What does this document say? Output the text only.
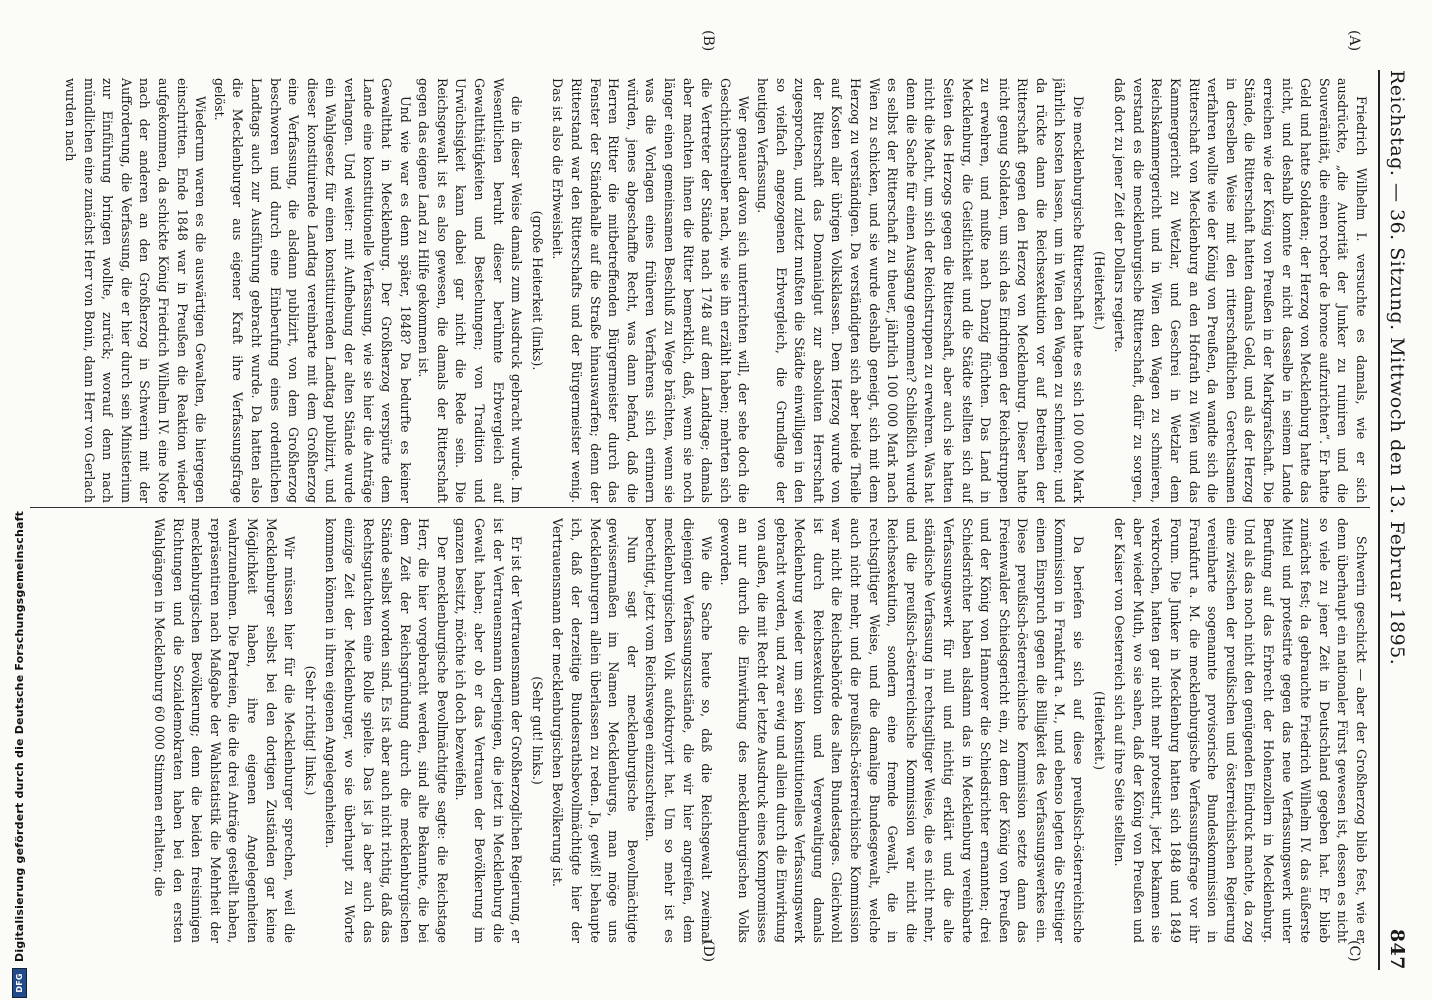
Reichstag. — 36. Sitzung. Mittwoch den 13. Februar 1895.
847
(A)
(B)
(C)
(D)

Friedrich Wilhelm I. versuchte es damals, wie er sich ausdrückte, „die Autorität der Junker zu ruiniren und die Souveränität, die einen rocher de bronce aufzurichten“. Er hatte Geld und hatte Soldaten; der Herzog von Mecklenburg hatte das nicht, und deshalb konnte er nicht dasselbe in seinem Lande erreichen wie der König von Preußen in der Markgrafschaft. Die Stände, die Ritterschaft hatten damals Geld, und als der Herzog in derselben Weise mit den ritterschaftlichen Gerechtsamen verfahren wollte wie der König von Preußen, da wandte sich die Ritterschaft von Mecklenburg an den Hofrath zu Wien und das Kammergericht zu Wetzlar, und Geschrei in Wetzlar dem Reichskammergericht und in Wien den Wagen zu schmieren, verstand es die mecklenburgische Ritterschaft, dafür zu sorgen, daß dort zu jener Zeit der Dollars regierte.

(Heiterkeit.)

Die mecklenburgische Ritterschaft hatte es sich 100 000 Mark jährlich kosten lassen, um in Wien den Wagen zu schmieren; und da rückte dann die Reichsexekution vor auf Betreiben der Ritterschaft gegen den Herzog von Mecklenburg. Dieser hatte nicht genug Soldaten, um sich das Eindringen der Reichstruppen zu erwehren, und mußte nach Danzig flüchten. Das Land in Mecklenburg, die Geistlichkeit und die Städte stellten sich auf Seiten des Herzogs gegen die Ritterschaft, aber auch sie hatten nicht die Macht, um sich der Reichstruppen zu erwehren. Was hat denn die Sache für einen Ausgang genommen? Schließlich wurde es selbst der Ritterschaft zu theuer, jährlich 100 000 Mark nach Wien zu schicken, und sie wurde deshalb geneigt, sich mit dem Herzog zu verständigen. Da verständigten sich aber beide Theile auf Kosten aller übrigen Volksklassen. Dem Herzog wurde von der Ritterschaft das Domanialgut zur absoluten Herrschaft zugesprochen, und zuletzt mußten die Städte einwilligen in den so vielfach angezogenen Erbvergleich, die Grundlage der heutigen Verfassung.

Wer genauer davon sich unterrichten will, der sehe doch die Geschichtschreiber nach, wie sie ihn erzählt haben; mehrten sich die Vertreter der Stände nach 1748 auf dem Landtage; damals aber machten ihnen die Ritter bemerklich, daß, wenn sie noch länger einen gemeinsamen Beschluß zu Wege brächten, wenn sie was die Vorlagen eines früheren Verfahrens sich erinnern würden, jenes abgeschaffte Recht, was dann befand, daß die Herren Ritter die mitbetreffenden Bürgermeister durch das Fenster der Ständehalle auf die Straße hinauswarfen; denn der Ritterstand war den Ritterschafts und der Bürgermeister wenig. Das ist also die Erbweisheit.

(große Heiterkeit (links).

die in dieser Weise damals zum Ausdruck gebracht wurde. Im Wesentlichen beruht dieser berühmte Erbvergleich auf Gewaltthätigkeiten und Bestechungen; von Tradition und Urwüchsigkeit kann dabei gar nicht die Rede sein. Die Reichsgewalt ist es also gewesen, die damals der Ritterschaft gegen das eigene Land zu Hilfe gekommen ist.

Und wie war es denn später, 1848? Da bedurfte es keiner Gewaltthat in Mecklenburg. Der Großherzog verspürte dem Lande eine konstitutionelle Verfassung, wie sie hier die Anträge verlangen. Und weiter: mit Aufhebung der alten Stände wurde ein Wahlgesetz für einen konstituirenden Landtag publizirt, und dieser konstituirende Landtag vereinbarte mit dem Großherzog eine Verfassung, die alsdann publizirt, von dem Großherzog beschworen und durch eine Einberufung eines ordentlichen Landtags auch zur Ausführung gebracht wurde. Da hatten also die Mecklenburger aus eigener Kraft ihre Verfassungsfrage gelöst.

Wiederum waren es die auswärtigen Gewalten, die hiergegen einschritten. Ende 1848 war in Preußen die Reaktion wieder aufgekommen, da schickte König Friedrich Wilhelm IV. eine Note nach der anderen an den Großherzog in Schwerin mit der Aufforderung, die Verfassung, die er hier durch sein Ministerium zur Einführung bringen wollte, zurück; worauf denn nach mündlichen eine zunächst Herr von Bonin, dann Herr von Gerlach wurden nach

Schwerin geschickt — aber der Großherzog blieb fest, wie er denn überhaupt ein nationaler Fürst gewesen ist, dessen es nicht so viele zu jener Zeit in Deutschland gegeben hat. Er blieb zunächst fest; da gebrauchte Friedrich Wilhelm IV. das äußerste Mittel und protestirte gegen das neue Verfassungswerk unter Berufung auf das Erbrecht der Hohenzollern in Mecklenburg. Und als das noch nicht den genügenden Eindruck machte, da zog eine zwischen der preußischen und österreichischen Regierung vereinbarte sogenannte provisorische Bundeskommission in Frankfurt a. M. die mecklenburgische Verfassungsfrage vor ihr Forum. Die Junker in Mecklenburg hatten sich 1848 und 1849 verkrochen, hatten gar nicht mehr protestirt, jetzt bekamen sie aber wieder Muth, wo sie sahen, daß der König von Preußen und der Kaiser von Oesterreich sich auf ihre Seite stellten.

(Heiterkeit.)

Da beriefen sie sich auf diese preußisch-österreichische Kommission in Frankfurt a. M., und ebenso legten die Streitiger einen Einspruch gegen die Billigkeit des Verfassungswerkes ein. Diese preußisch-österreichische Kommission setzte dann das Freienwalder Schiedsgericht ein, zu dem der König von Preußen und der König von Hannover die Schiedsrichter ernannten; drei Schiedsrichter haben alsdann das in Mecklenburg vereinbarte Verfassungswerk für null und nichtig erklärt und die alte ständische Verfassung in rechtsgiltiger Weise, die es nicht mehr, und die preußisch-österreichische Kommission war nicht die Reichsexekution, sondern eine fremde Gewalt, die in rechtsgiltiger Weise, und die damalige Bundesgewalt, welche auch nicht mehr, und die preußisch-österreichische Kommission war nicht die Reichsbehörde des alten Bundestages. Gleichwohl ist durch Reichsexekution und Vergewaltigung damals Mecklenburg wieder um sein konstitutionelles Verfassungswerk gebracht worden, und zwar ewig und allein durch die Einwirkung von außen, die mit Recht der letzte Ausdruck eines Kompromisses an nur durch die Einwirkung des mecklenburgischen Volks geworden.

Wie die Sache heute so, daß die Reichsgewalt zweimal diejenigen Verfassungszustände, die wir hier angreifen, dem mecklenburgischen Volk aufoktroyirt hat. Um so mehr ist es berechtigt, jetzt vom Reichswegen einzuschreiten.

Nun sagt der mecklenburgische Bevollmächtigte gewissermaßen im Namen Mecklenburgs, man möge uns Mecklenburgern allein überlassen zu reden. Ja, gewiß! behaupte ich, daß der derzeitige Bundesrathsbevollmächtigte hier der Vertrauensmann der mecklenburgischen Bevölkerung ist.

(Sehr gut! links.)

Er ist der Vertrauensmann der Großherzoglichen Regierung, er ist der Vertrauensmann derjenigen, die jetzt in Mecklenburg die Gewalt haben; aber ob er das Vertrauen der Bevölkerung im ganzen besitzt, möchte ich doch bezweifeln.

Der mecklenburgische Bevollmächtigte sagte: die Reichstage Herr, die hier vorgebracht werden, sind alte Bekannte, die bei dem Zeit der Reichsgründung durch die mecklenburgischen Stände selbst worden sind. Es ist aber auch nicht richtig, daß das Rechtsgutachten eine Rolle spielte. Das ist ja aber auch das einzige Zeit der Mecklenburger, wo sie überhaupt zu Worte kommen können in ihren eigenen Angelegenheiten.

(Sehr richtig! links.)

Wir müssen hier für die Mecklenburger sprechen, weil die Mecklenburger selbst bei den dortigen Zuständen gar keine Möglichkeit haben, ihre eigenen Angelegenheiten wahrzunehmen. Die Parteien, die die drei Anträge gestellt haben, repräsentiren nach Maßgabe der Wahlstatistik die Mehrheit der mecklenburgischen Bevölkerung; denn die beiden freisinnigen Richtungen und die Sozialdemokraten haben bei den ersten Wahlgängen in Mecklenburg 60 000 Stimmen erhalten; die

DFG
Digitalisierung gefördert durch die Deutsche Forschungsgemeinschaft
